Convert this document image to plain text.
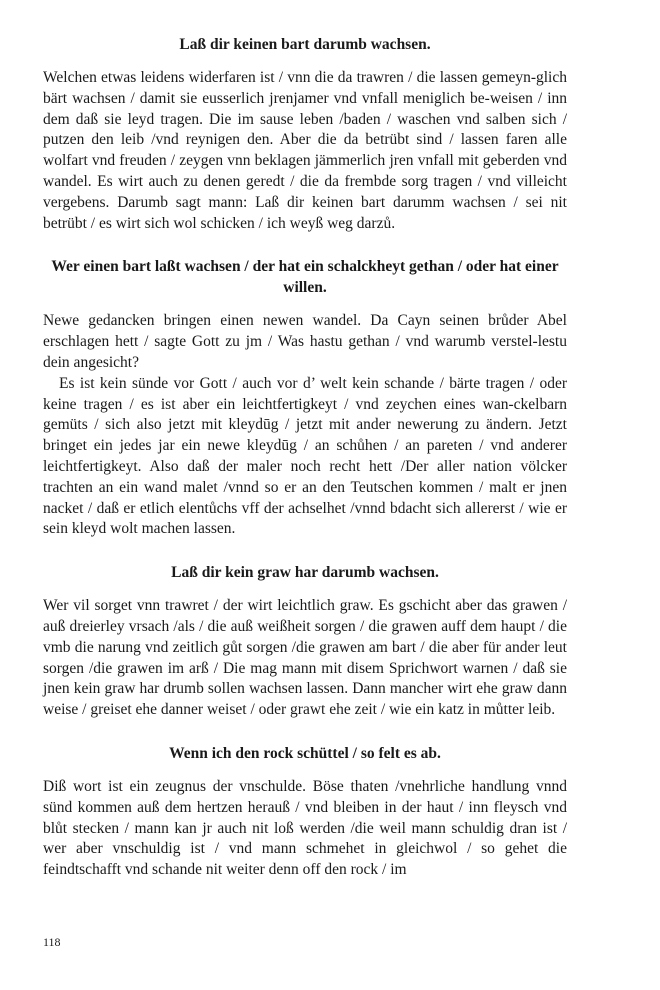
Laß dir keinen bart darumb wachsen.

Welchen etwas leidens widerfaren ist / vnn die da trawren / die lassen gemeyn-glich bärt wachsen / damit sie eusserlich jrenjamer vnd vnfall meniglich be-weisen / inn dem daß sie leyd tragen. Die im sause leben /baden / waschen vnd salben sich / putzen den leib /vnd reynigen den. Aber die da betrübt sind / lassen faren alle wolfart vnd freuden / zeygen vnn beklagen jämmerlich jren vnfall mit geberden vnd wandel. Es wirt auch zu denen geredt / die da frembde sorg tragen / vnd villeicht vergebens. Darumb sagt mann: Laß dir keinen bart darumm wachsen / sei nit betrübt / es wirt sich wol schicken / ich weyß weg darzů.

Wer einen bart laßt wachsen / der hat ein schalckheyt gethan / oder hat einer willen.

Newe gedancken bringen einen newen wandel. Da Cayn seinen brůder Abel erschlagen hett / sagte Gott zu jm / Was hastu gethan / vnd warumb verstel-lestu dein angesicht?

Es ist kein sünde vor Gott / auch vor d’ welt kein schande / bärte tragen / oder keine tragen / es ist aber ein leichtfertigkeyt / vnd zeychen eines wan-ckelbarn gemüts / sich also jetzt mit kleydūg / jetzt mit ander newerung zu ändern. Jetzt bringet ein jedes jar ein newe kleydūg / an schůhen / an pareten / vnd anderer leichtfertigkeyt. Also daß der maler noch recht hett /Der aller nation völcker trachten an ein wand malet /vnnd so er an den Teutschen kommen / malt er jnen nacket / daß er etlich elentůchs vff der achselhet /vnnd bdacht sich allererst / wie er sein kleyd wolt machen lassen.

Laß dir kein graw har darumb wachsen.

Wer vil sorget vnn trawret / der wirt leichtlich graw. Es gschicht aber das grawen / auß dreierley vrsach /als / die auß weißheit sorgen / die grawen auff dem haupt / die vmb die narung vnd zeitlich gůt sorgen /die grawen am bart / die aber für ander leut sorgen /die grawen im arß / Die mag mann mit disem Sprichwort warnen / daß sie jnen kein graw har drumb sollen wachsen lassen. Dann mancher wirt ehe graw dann weise / greiset ehe danner weiset / oder grawt ehe zeit / wie ein katz in můtter leib.

Wenn ich den rock schüttel / so felt es ab.

Diß wort ist ein zeugnus der vnschulde. Böse thaten /vnehrliche handlung vnnd sünd kommen auß dem hertzen herauß / vnd bleiben in der haut / inn fleysch vnd blůt stecken / mann kan jr auch nit loß werden /die weil mann schuldig dran ist / wer aber vnschuldig ist / vnd mann schmehet in gleichwol / so gehet die feindtschafft vnd schande nit weiter denn off den rock / im

118
